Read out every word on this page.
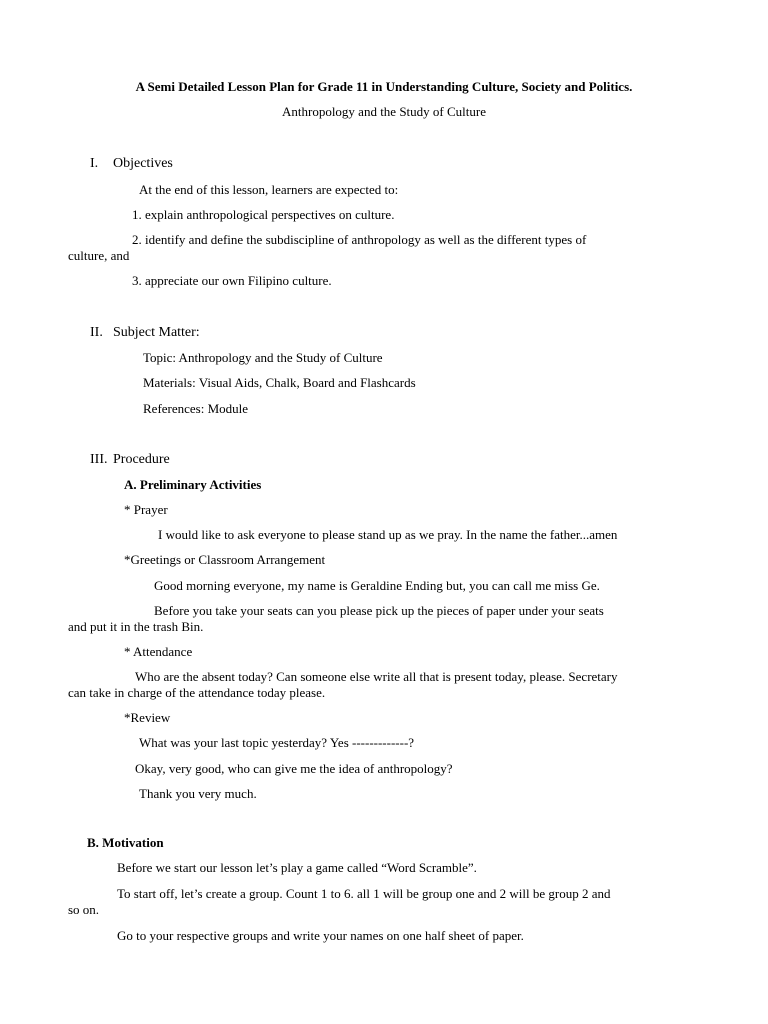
A Semi Detailed Lesson Plan for Grade 11 in Understanding Culture, Society and Politics.

Anthropology and the Study of Culture

I. Objectives

At the end of this lesson, learners are expected to:

1. explain anthropological perspectives on culture.

2. identify and define the subdiscipline of anthropology as well as the different types of

culture, and

3. appreciate our own Filipino culture.

II. Subject Matter:

Topic: Anthropology and the Study of Culture

Materials: Visual Aids, Chalk, Board and Flashcards

References: Module

III. Procedure

A. Preliminary Activities

* Prayer

I would like to ask everyone to please stand up as we pray. In the name the father...amen

*Greetings or Classroom Arrangement

Good morning everyone, my name is Geraldine Ending but, you can call me miss Ge.

Before you take your seats can you please pick up the pieces of paper under your seats

and put it in the trash Bin.

* Attendance

Who are the absent today? Can someone else write all that is present today, please. Secretary

can take in charge of the attendance today please.

*Review

What was your last topic yesterday? Yes -------------?

Okay, very good, who can give me the idea of anthropology?

Thank you very much.

B. Motivation

Before we start our lesson let’s play a game called “Word Scramble”.

To start off, let’s create a group. Count 1 to 6. all 1 will be group one and 2 will be group 2 and

so on.

Go to your respective groups and write your names on one half sheet of paper.
